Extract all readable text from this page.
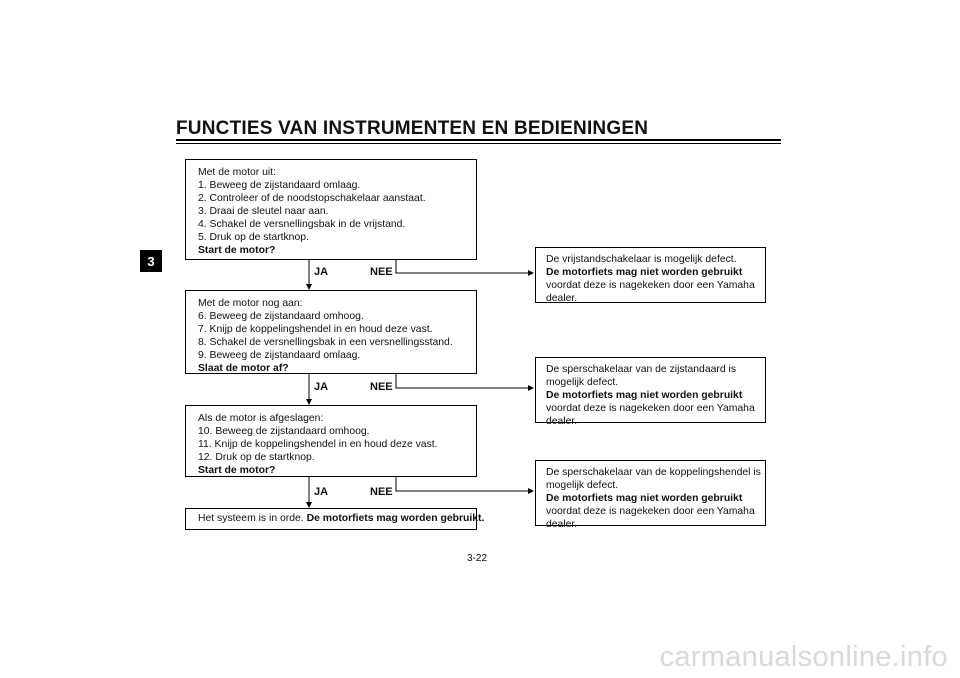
FUNCTIES VAN INSTRUMENTEN EN BEDIENINGEN
3
Met de motor uit:
1. Beweeg de zijstandaard omlaag.
2. Controleer of de noodstopschakelaar aanstaat.
3. Draai de sleutel naar aan.
4. Schakel de versnellingsbak in de vrijstand.
5. Druk op de startknop.
Start de motor?
JA	NEE
Met de motor nog aan:
6. Beweeg de zijstandaard omhoog.
7. Knijp de koppelingshendel in en houd deze vast.
8. Schakel de versnellingsbak in een versnellingsstand.
9. Beweeg de zijstandaard omlaag.
Slaat de motor af?
JA	NEE
Als de motor is afgeslagen:
10. Beweeg de zijstandaard omhoog.
11. Knijp de koppelingshendel in en houd deze vast.
12. Druk op de startknop.
Start de motor?
JA	NEE
Het systeem is in orde. De motorfiets mag worden gebruikt.
De vrijstandschakelaar is mogelijk defect.
De motorfiets mag niet worden gebruikt
voordat deze is nagekeken door een Yamaha
dealer.
De sperschakelaar van de zijstandaard is
mogelijk defect.
De motorfiets mag niet worden gebruikt
voordat deze is nagekeken door een Yamaha
dealer.
De sperschakelaar van de koppelingshendel is
mogelijk defect.
De motorfiets mag niet worden gebruikt
voordat deze is nagekeken door een Yamaha
dealer.
3-22
carmanualsonline.info
